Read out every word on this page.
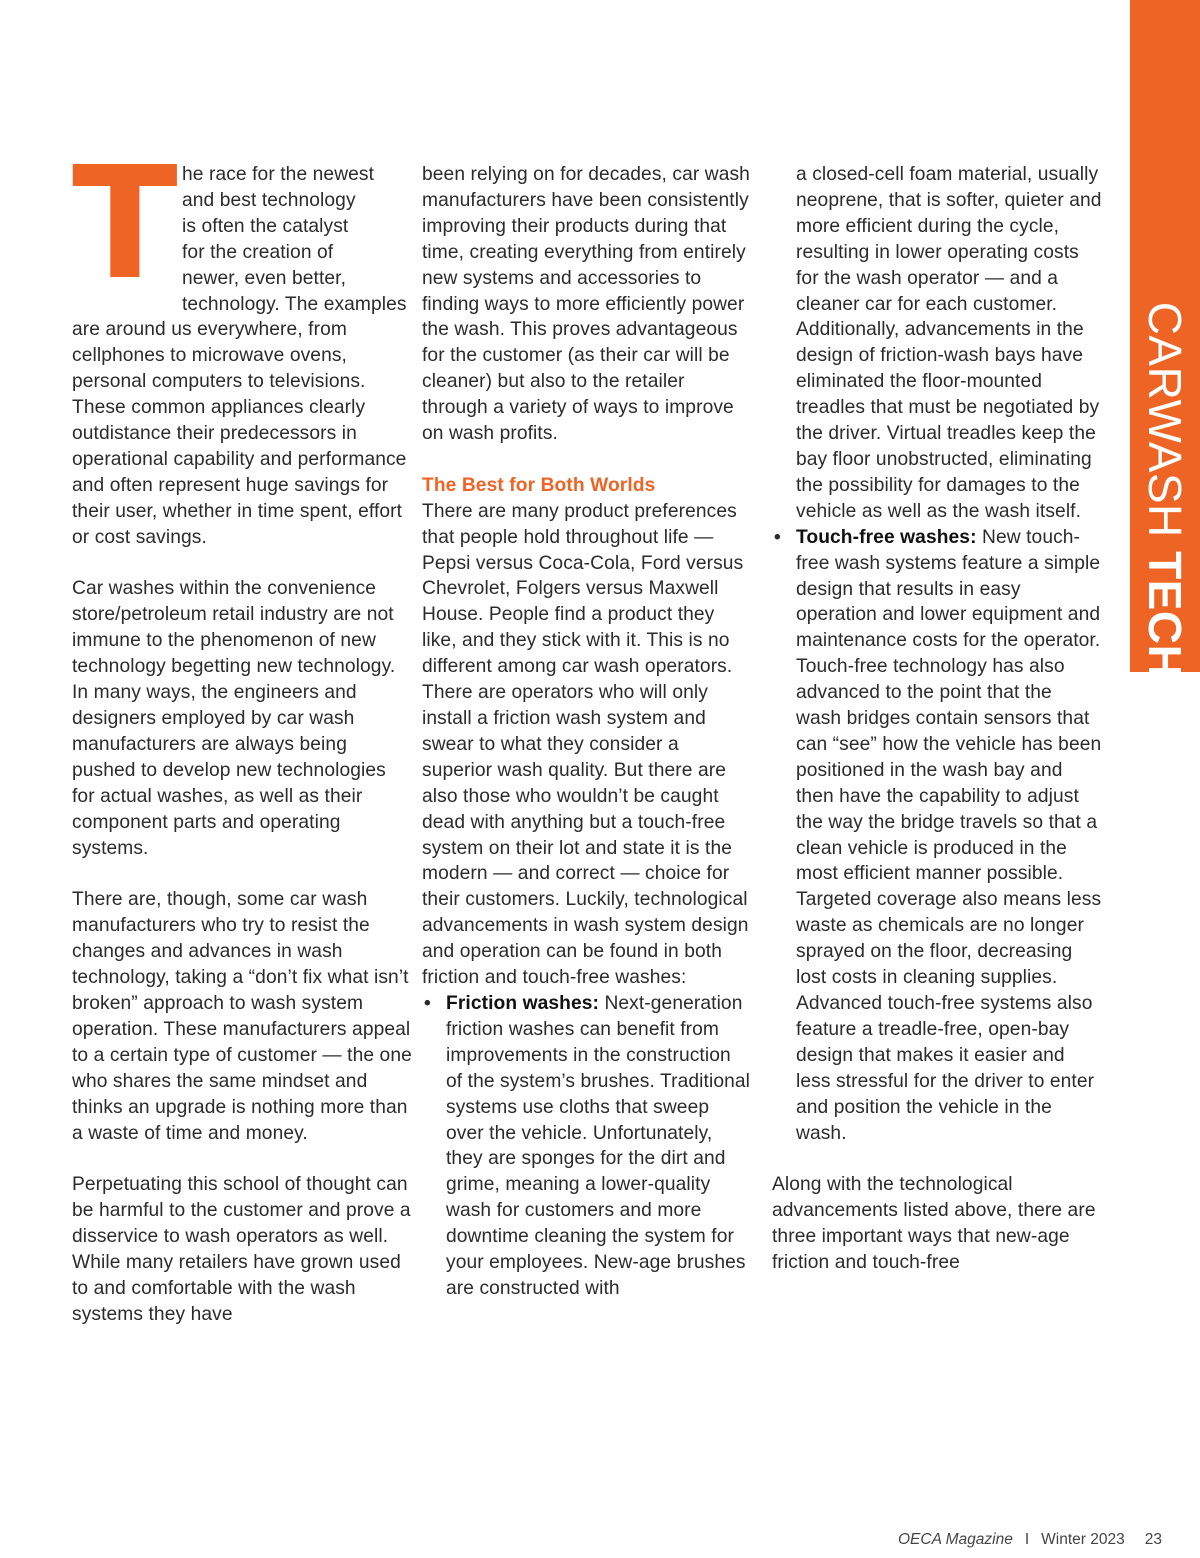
CARWASH TECH

T he race for the newest
and best technology
is often the catalyst
for the creation of
newer, even better,
technology. The examples are around us everywhere, from cellphones to microwave ovens, personal computers to televisions. These common appliances clearly outdistance their predecessors in operational capability and performance and often represent huge savings for their user, whether in time spent, effort or cost savings.

Car washes within the convenience store/petroleum retail industry are not immune to the phenomenon of new technology begetting new technology. In many ways, the engineers and designers employed by car wash manufacturers are always being pushed to develop new technologies for actual washes, as well as their component parts and operating systems.

There are, though, some car wash manufacturers who try to resist the changes and advances in wash technology, taking a “don’t fix what isn’t broken” approach to wash system operation. These manufacturers appeal to a certain type of customer — the one who shares the same mindset and thinks an upgrade is nothing more than a waste of time and money.

Perpetuating this school of thought can be harmful to the customer and prove a disservice to wash operators as well. While many retailers have grown used to and comfortable with the wash systems they have

been relying on for decades, car wash manufacturers have been consistently improving their products during that time, creating everything from entirely new systems and accessories to finding ways to more efficiently power the wash. This proves advantageous for the customer (as their car will be cleaner) but also to the retailer through a variety of ways to improve on wash profits.

The Best for Both Worlds

There are many product preferences that people hold throughout life — Pepsi versus Coca-Cola, Ford versus Chevrolet, Folgers versus Maxwell House. People find a product they like, and they stick with it. This is no different among car wash operators. There are operators who will only install a friction wash system and swear to what they consider a superior wash quality. But there are also those who wouldn’t be caught dead with anything but a touch-free system on their lot and state it is the modern — and correct — choice for their customers. Luckily, technological advancements in wash system design and operation can be found in both friction and touch-free washes:

• Friction washes: Next-generation friction washes can benefit from improvements in the construction of the system’s brushes. Traditional systems use cloths that sweep over the vehicle. Unfortunately, they are sponges for the dirt and grime, meaning a lower-quality wash for customers and more downtime cleaning the system for your employees. New-age brushes are constructed with
a closed-cell foam material, usually neoprene, that is softer, quieter and more efficient during the cycle, resulting in lower operating costs for the wash operator — and a cleaner car for each customer. Additionally, advancements in the design of friction-wash bays have eliminated the floor-mounted treadles that must be negotiated by the driver. Virtual treadles keep the bay floor unobstructed, eliminating the possibility for damages to the vehicle as well as the wash itself.
• Touch-free washes: New touch-free wash systems feature a simple design that results in easy operation and lower equipment and maintenance costs for the operator. Touch-free technology has also advanced to the point that the wash bridges contain sensors that can “see” how the vehicle has been positioned in the wash bay and then have the capability to adjust the way the bridge travels so that a clean vehicle is produced in the most efficient manner possible. Targeted coverage also means less waste as chemicals are no longer sprayed on the floor, decreasing lost costs in cleaning supplies. Advanced touch-free systems also feature a treadle-free, open-bay design that makes it easier and less stressful for the driver to enter and position the vehicle in the wash.

Along with the technological advancements listed above, there are three important ways that new-age friction and touch-free

OECA Magazine I Winter 2023 23
